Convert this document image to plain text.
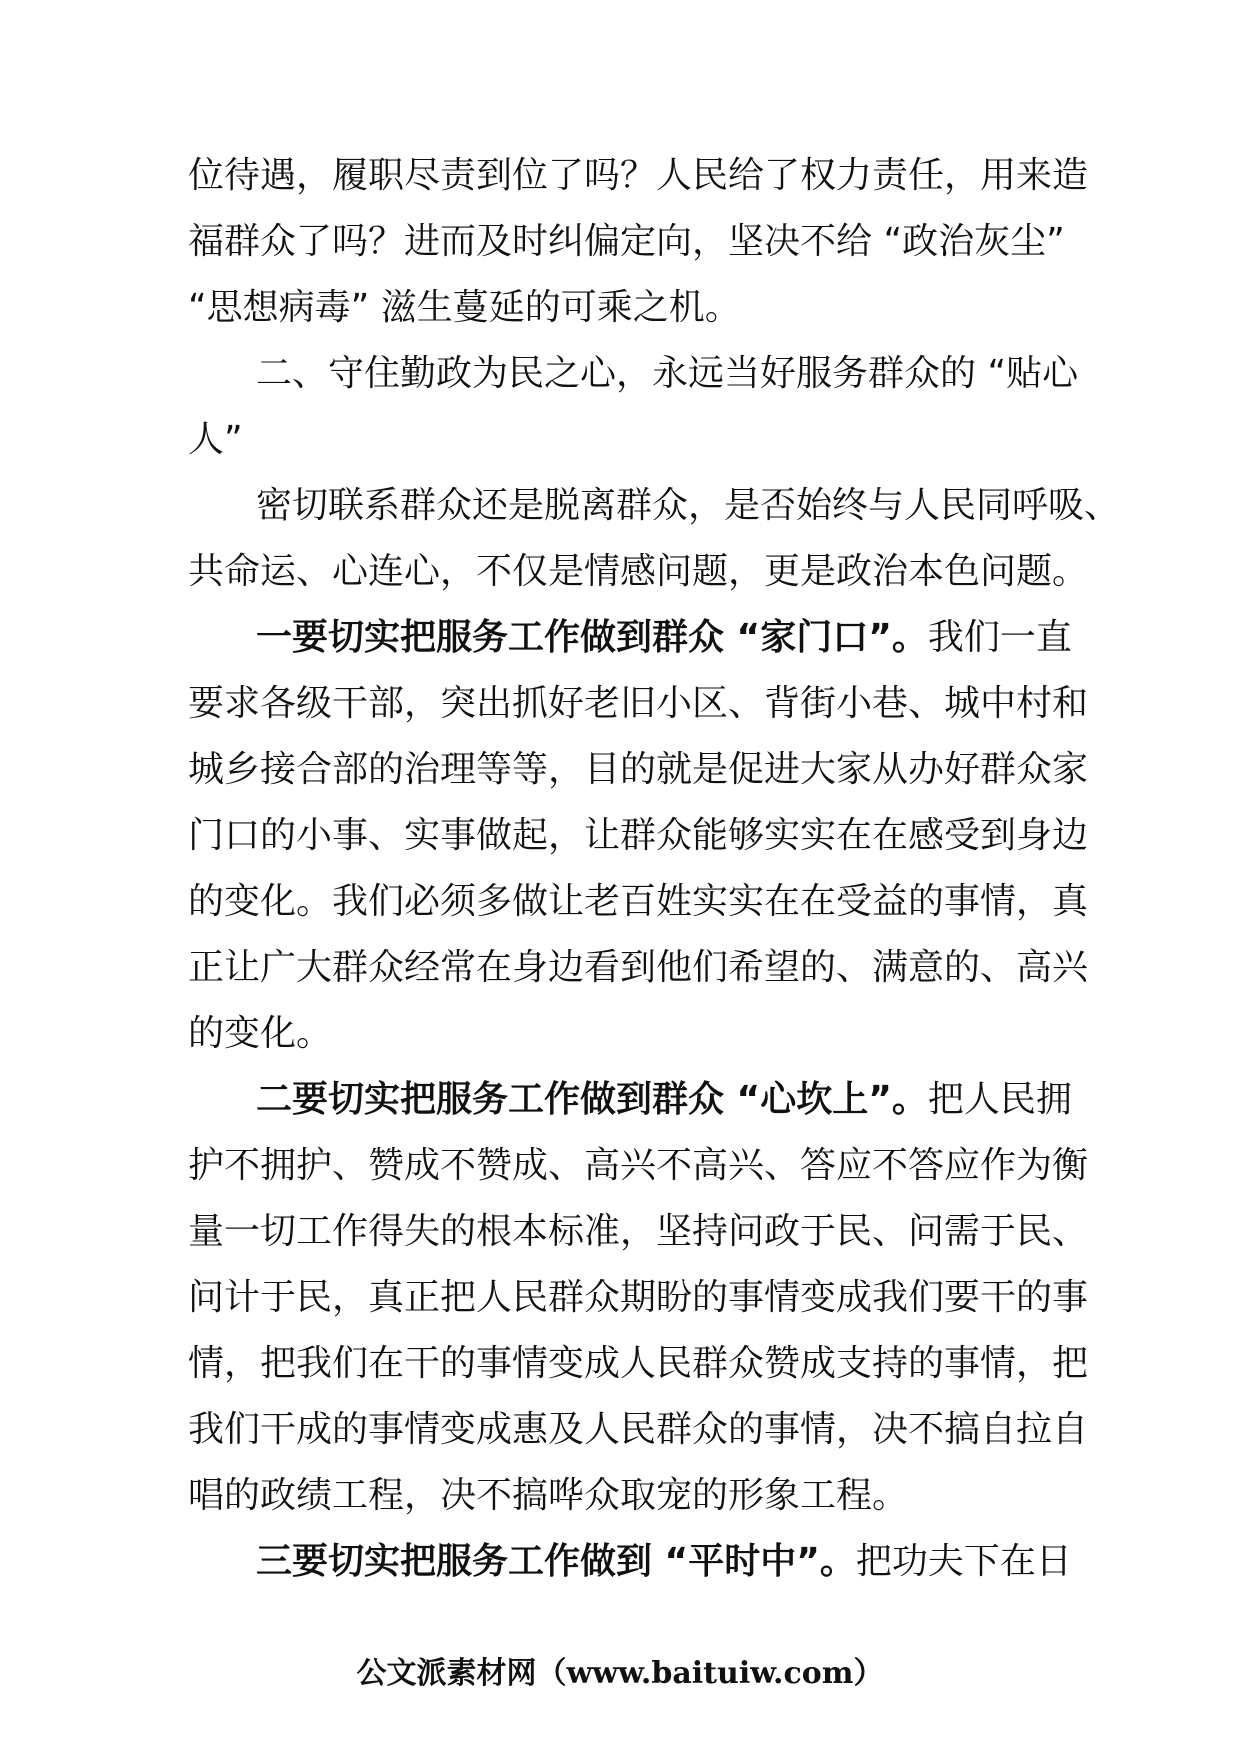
位待遇，履职尽责到位了吗？人民给了权力责任，用来造
福群众了吗？进而及时纠偏定向，坚决不给 “政治灰尘”
“思想病毒” 滋生蔓延的可乘之机。
二、守住勤政为民之心，永远当好服务群众的 “贴心
人”
密切联系群众还是脱离群众，是否始终与人民同呼吸、
共命运、心连心，不仅是情感问题，更是政治本色问题。
一要切实把服务工作做到群众 “家门口”。我们一直
要求各级干部，突出抓好老旧小区、背街小巷、城中村和
城乡接合部的治理等等，目的就是促进大家从办好群众家
门口的小事、实事做起，让群众能够实实在在感受到身边
的变化。我们必须多做让老百姓实实在在受益的事情，真
正让广大群众经常在身边看到他们希望的、满意的、高兴
的变化。
二要切实把服务工作做到群众 “心坎上”。把人民拥
护不拥护、赞成不赞成、高兴不高兴、答应不答应作为衡
量一切工作得失的根本标准，坚持问政于民、问需于民、
问计于民，真正把人民群众期盼的事情变成我们要干的事
情，把我们在干的事情变成人民群众赞成支持的事情，把
我们干成的事情变成惠及人民群众的事情，决不搞自拉自
唱的政绩工程，决不搞哗众取宠的形象工程。
三要切实把服务工作做到 “平时中”。把功夫下在日
公文派素材网（www.baituiw.com）
